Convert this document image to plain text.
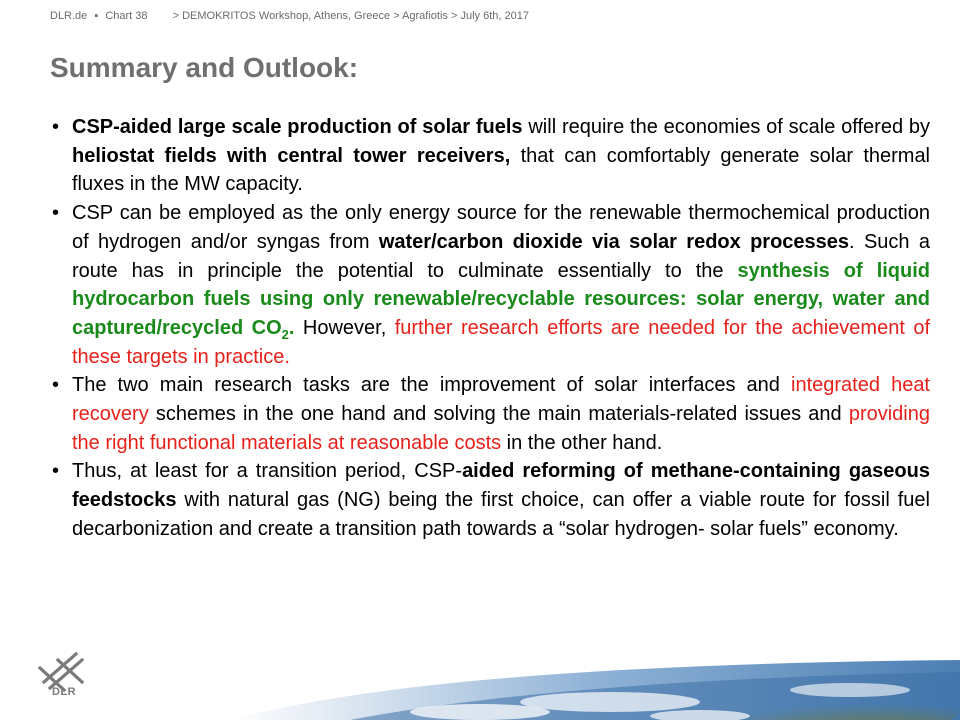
DLR.de ▪ Chart 38 > DEMOKRITOS Workshop, Athens, Greece > Agrafiotis > July 6th, 2017
Summary and Outlook:
• CSP-aided large scale production of solar fuels will require the economies of scale offered by heliostat fields with central tower receivers, that can comfortably generate solar thermal fluxes in the MW capacity.
• CSP can be employed as the only energy source for the renewable thermochemical production of hydrogen and/or syngas from water/carbon dioxide via solar redox processes. Such a route has in principle the potential to culminate essentially to the synthesis of liquid hydrocarbon fuels using only renewable/recyclable resources: solar energy, water and captured/recycled $CO_2$. However, further research efforts are needed for the achievement of these targets in practice.
• The two main research tasks are the improvement of solar interfaces and integrated heat recovery schemes in the one hand and solving the main materials-related issues and providing the right functional materials at reasonable costs in the other hand.
• Thus, at least for a transition period, CSP-aided reforming of methane-containing gaseous feedstocks with natural gas (NG) being the first choice, can offer a viable route for fossil fuel decarbonization and create a transition path towards a “solar hydrogen- solar fuels” economy.
DLR
